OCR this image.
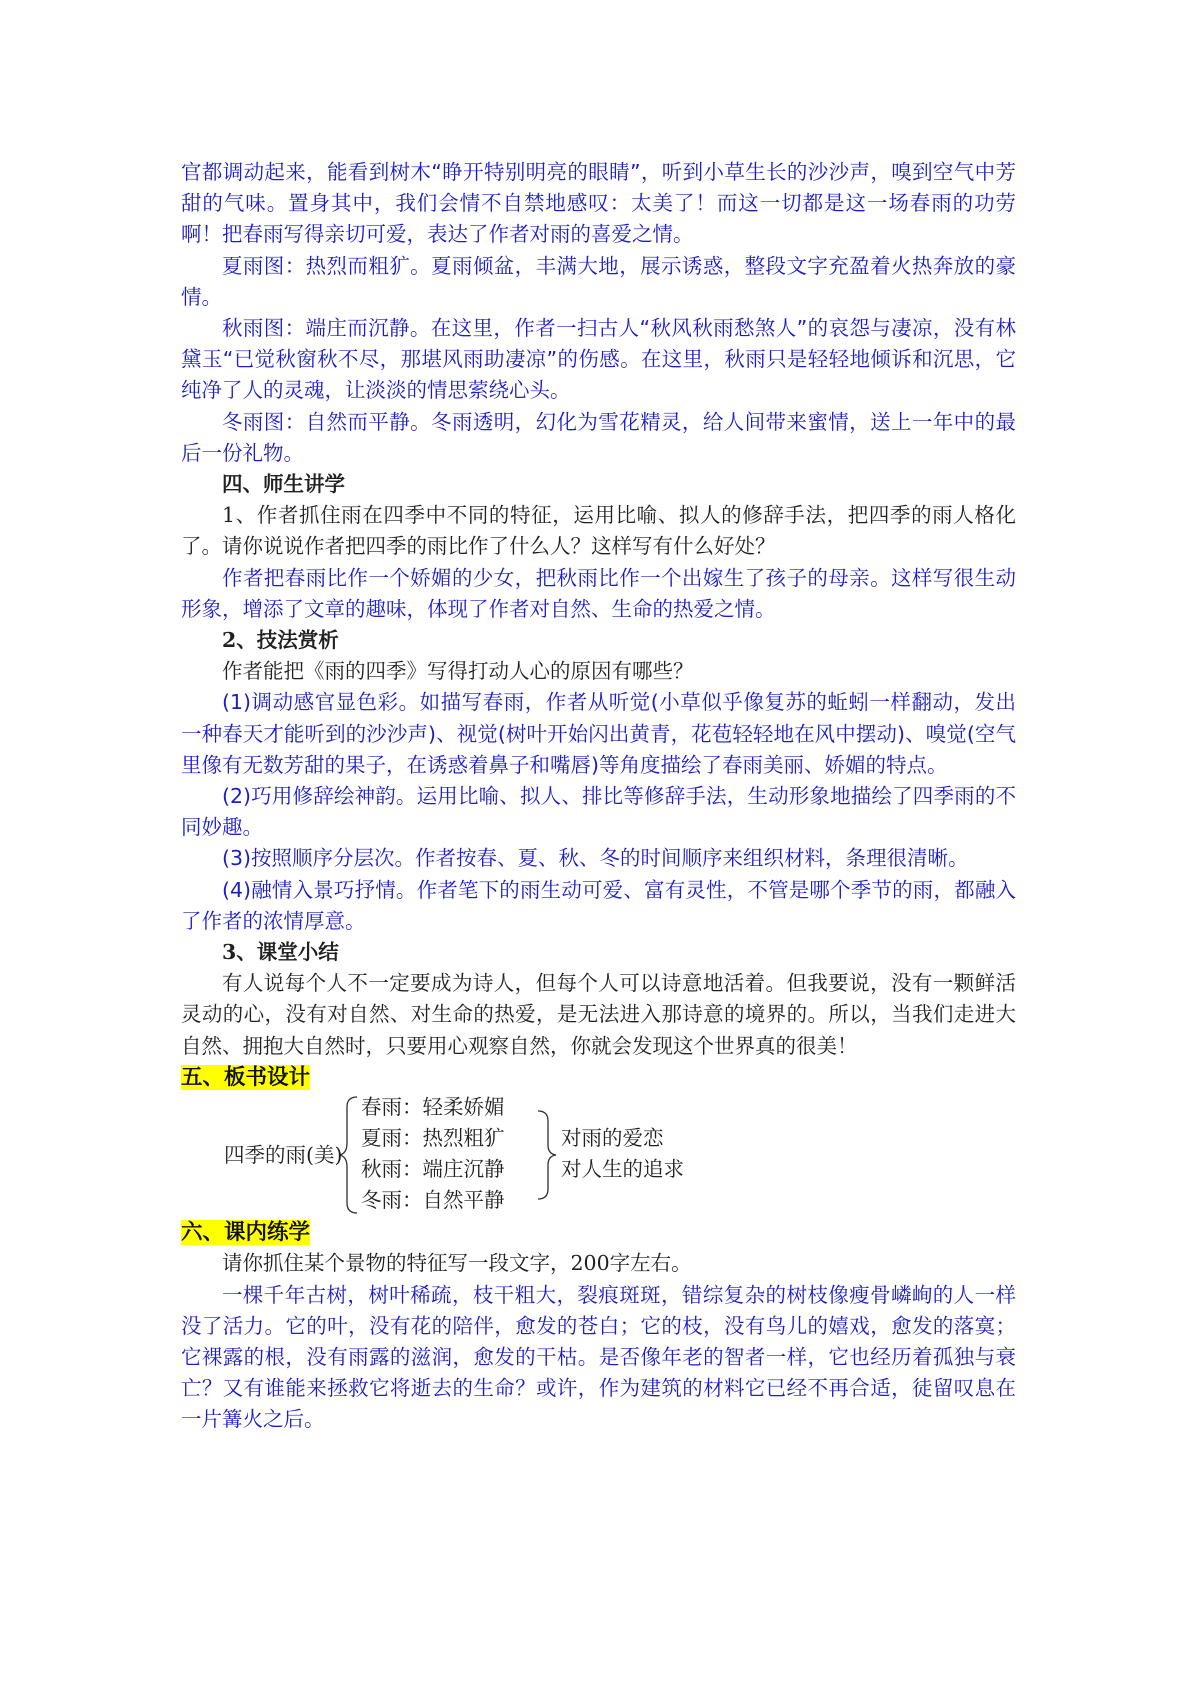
官都调动起来，能看到树木“睁开特别明亮的眼睛”，听到小草生长的沙沙声，嗅到空气中芳甜的气味。置身其中，我们会情不自禁地感叹：太美了！而这一切都是这一场春雨的功劳啊！把春雨写得亲切可爱，表达了作者对雨的喜爱之情。

夏雨图：热烈而粗犷。夏雨倾盆，丰满大地，展示诱惑，整段文字充盈着火热奔放的豪情。

秋雨图：端庄而沉静。在这里，作者一扫古人“秋风秋雨愁煞人”的哀怨与凄凉，没有林黛玉“已觉秋窗秋不尽，那堪风雨助凄凉”的伤感。在这里，秋雨只是轻轻地倾诉和沉思，它纯净了人的灵魂，让淡淡的情思萦绕心头。

冬雨图：自然而平静。冬雨透明，幻化为雪花精灵，给人间带来蜜情，送上一年中的最后一份礼物。

四、师生讲学

1、作者抓住雨在四季中不同的特征，运用比喻、拟人的修辞手法，把四季的雨人格化了。请你说说作者把四季的雨比作了什么人？这样写有什么好处？

作者把春雨比作一个娇媚的少女，把秋雨比作一个出嫁生了孩子的母亲。这样写很生动形象，增添了文章的趣味，体现了作者对自然、生命的热爱之情。

2、技法赏析

作者能把《雨的四季》写得打动人心的原因有哪些？

(1)调动感官显色彩。如描写春雨，作者从听觉(小草似乎像复苏的蚯蚓一样翻动，发出一种春天才能听到的沙沙声)、视觉(树叶开始闪出黄青，花苞轻轻地在风中摆动)、嗅觉(空气里像有无数芳甜的果子，在诱惑着鼻子和嘴唇)等角度描绘了春雨美丽、娇媚的特点。

(2)巧用修辞绘神韵。运用比喻、拟人、排比等修辞手法，生动形象地描绘了四季雨的不同妙趣。

(3)按照顺序分层次。作者按春、夏、秋、冬的时间顺序来组织材料，条理很清晰。

(4)融情入景巧抒情。作者笔下的雨生动可爱、富有灵性，不管是哪个季节的雨，都融入了作者的浓情厚意。

3、课堂小结

有人说每个人不一定要成为诗人，但每个人可以诗意地活着。但我要说，没有一颗鲜活灵动的心，没有对自然、对生命的热爱，是无法进入那诗意的境界的。所以，当我们走进大自然、拥抱大自然时，只要用心观察自然，你就会发现这个世界真的很美！

五、板书设计

四季的雨(美)
春雨：轻柔娇媚
夏雨：热烈粗犷
秋雨：端庄沉静
冬雨：自然平静
对雨的爱恋
对人生的追求

六、课内练学

请你抓住某个景物的特征写一段文字，200字左右。

一棵千年古树，树叶稀疏，枝干粗大，裂痕斑斑，错综复杂的树枝像瘦骨嶙峋的人一样没了活力。它的叶，没有花的陪伴，愈发的苍白；它的枝，没有鸟儿的嬉戏，愈发的落寞；它裸露的根，没有雨露的滋润，愈发的干枯。是否像年老的智者一样，它也经历着孤独与衰亡？又有谁能来拯救它将逝去的生命？或许，作为建筑的材料它已经不再合适，徒留叹息在一片篝火之后。
